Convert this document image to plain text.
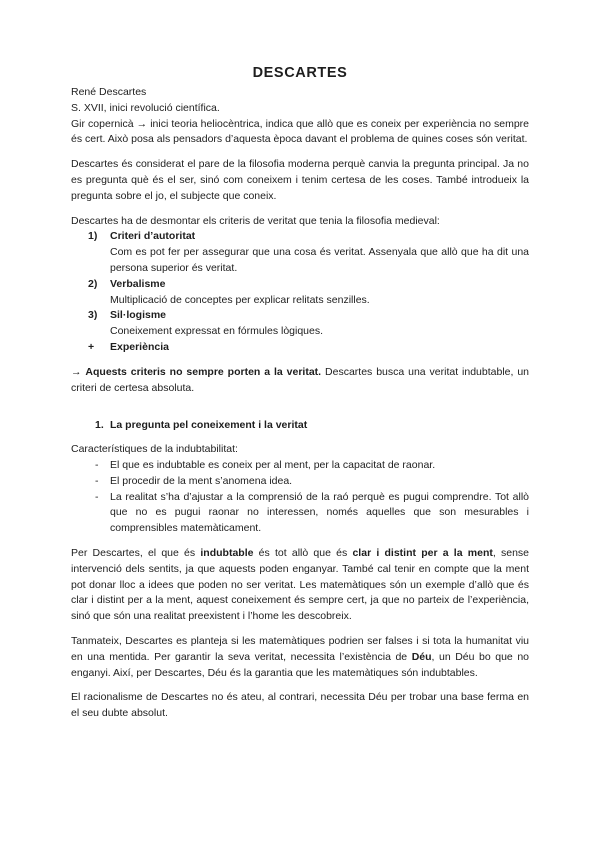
DESCARTES

René Descartes
S. XVII, inici revolució científica.
Gir copernicà → inici teoria heliocèntrica, indica que allò que es coneix per experiència no sempre és cert. Això posa als pensadors d’aquesta època davant el problema de quines coses són veritat.

Descartes és considerat el pare de la filosofia moderna perquè canvia la pregunta principal. Ja no es pregunta què és el ser, sinó com coneixem i tenim certesa de les coses. També introdueix la pregunta sobre el jo, el subjecte que coneix.

Descartes ha de desmontar els criteris de veritat que tenia la filosofia medieval:

1) Criteri d’autoritat
Com es pot fer per assegurar que una cosa és veritat. Assenyala que allò que ha dit una persona superior és veritat.
2) Verbalisme
Multiplicació de conceptes per explicar relitats senzilles.
3) Sil·logisme
Coneixement expressat en fórmules lògiques.
+ Experiència

→ Aquests criteris no sempre porten a la veritat. Descartes busca una veritat indubtable, un criteri de certesa absoluta.

1. La pregunta pel coneixement i la veritat

Característiques de la indubtabilitat:

- El que es indubtable es coneix per al ment, per la capacitat de raonar.
- El procedir de la ment s’anomena idea.
- La realitat s’ha d’ajustar a la comprensió de la raó perquè es pugui comprendre. Tot allò que no es pugui raonar no interessen, només aquelles que son mesurables i comprensibles matemàticament.

Per Descartes, el que és indubtable és tot allò que és clar i distint per a la ment, sense intervenció dels sentits, ja que aquests poden enganyar. També cal tenir en compte que la ment pot donar lloc a idees que poden no ser veritat. Les matemàtiques són un exemple d’allò que és clar i distint per a la ment, aquest coneixement és sempre cert, ja que no parteix de l’experiència, sinó que són una realitat preexistent i l’home les descobreix.

Tanmateix, Descartes es planteja si les matemàtiques podrien ser falses i si tota la humanitat viu en una mentida. Per garantir la seva veritat, necessita l’existència de Déu, un Déu bo que no enganyi. Així, per Descartes, Déu és la garantia que les matemàtiques són indubtables.

El racionalisme de Descartes no és ateu, al contrari, necessita Déu per trobar una base ferma en el seu dubte absolut.
